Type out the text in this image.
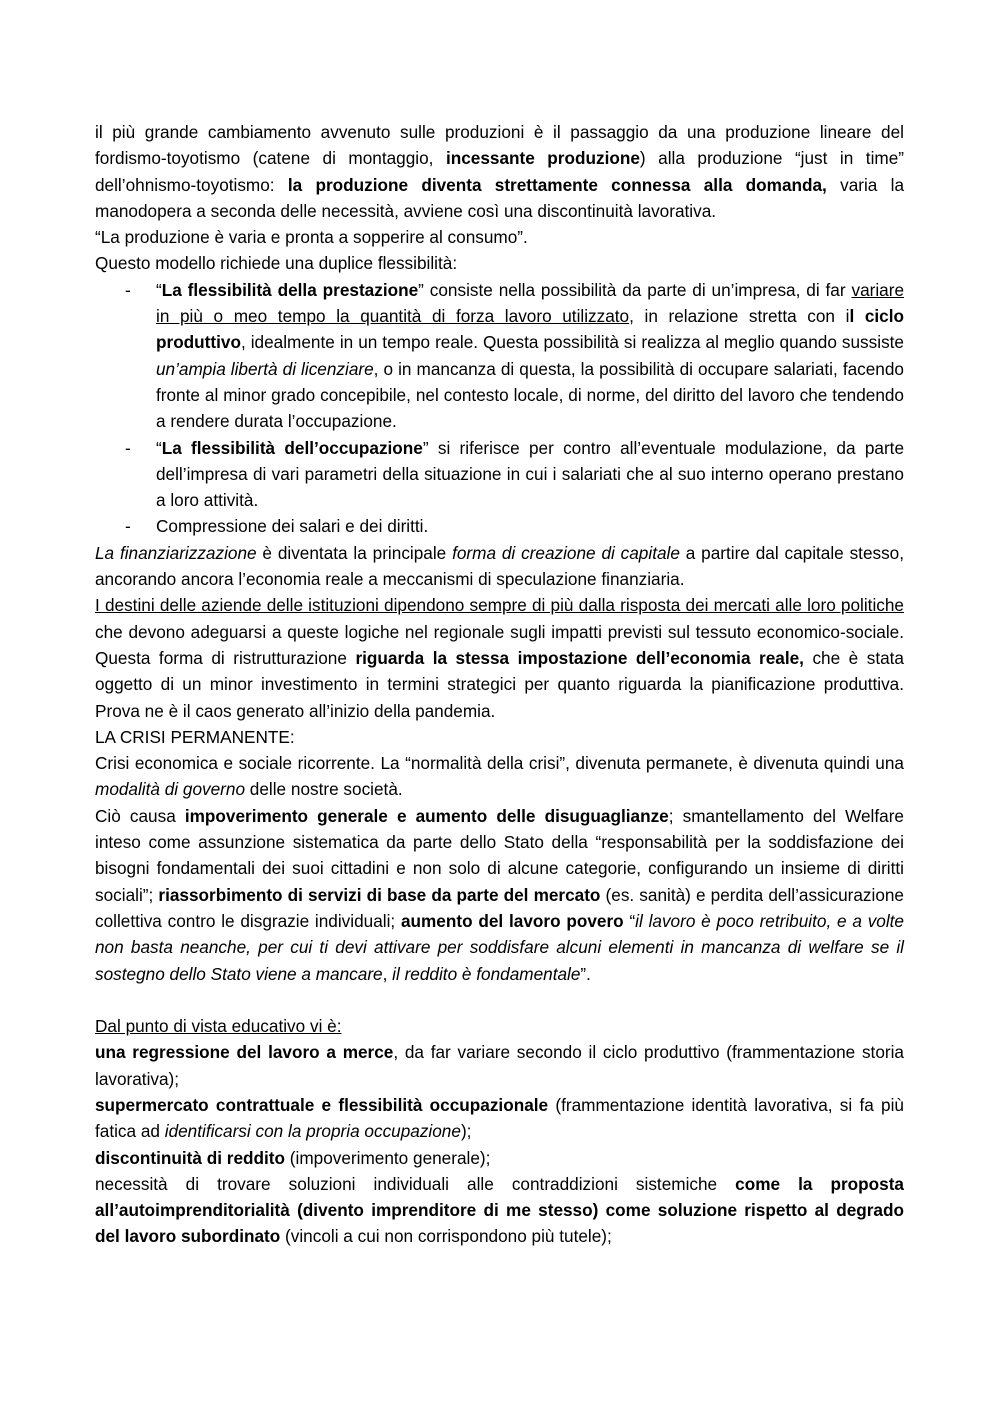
il più grande cambiamento avvenuto sulle produzioni è il passaggio da una produzione lineare del fordismo-toyotismo (catene di montaggio, incessante produzione) alla produzione “just in time” dell’ohnismo-toyotismo: la produzione diventa strettamente connessa alla domanda, varia la manodopera a seconda delle necessità, avviene così una discontinuità lavorativa.

“La produzione è varia e pronta a sopperire al consumo”.

Questo modello richiede una duplice flessibilità:

- “La flessibilità della prestazione” consiste nella possibilità da parte di un’impresa, di far variare in più o meo tempo la quantità di forza lavoro utilizzato, in relazione stretta con il ciclo produttivo, idealmente in un tempo reale. Questa possibilità si realizza al meglio quando sussiste un’ampia libertà di licenziare, o in mancanza di questa, la possibilità di occupare salariati, facendo fronte al minor grado concepibile, nel contesto locale, di norme, del diritto del lavoro che tendendo a rendere durata l’occupazione.
- “La flessibilità dell’occupazione” si riferisce per contro all’eventuale modulazione, da parte dell’impresa di vari parametri della situazione in cui i salariati che al suo interno operano prestano a loro attività.
- Compressione dei salari e dei diritti.

La finanziarizzazione è diventata la principale forma di creazione di capitale a partire dal capitale stesso, ancorando ancora l’economia reale a meccanismi di speculazione finanziaria.

I destini delle aziende delle istituzioni dipendono sempre di più dalla risposta dei mercati alle loro politiche che devono adeguarsi a queste logiche nel regionale sugli impatti previsti sul tessuto economico-sociale. Questa forma di ristrutturazione riguarda la stessa impostazione dell’economia reale, che è stata oggetto di un minor investimento in termini strategici per quanto riguarda la pianificazione produttiva. Prova ne è il caos generato all’inizio della pandemia.

LA CRISI PERMANENTE:

Crisi economica e sociale ricorrente. La “normalità della crisi”, divenuta permanete, è divenuta quindi una modalità di governo delle nostre società.

Ciò causa impoverimento generale e aumento delle disuguaglianze; smantellamento del Welfare inteso come assunzione sistematica da parte dello Stato della “responsabilità per la soddisfazione dei bisogni fondamentali dei suoi cittadini e non solo di alcune categorie, configurando un insieme di diritti sociali”; riassorbimento di servizi di base da parte del mercato (es. sanità) e perdita dell’assicurazione collettiva contro le disgrazie individuali; aumento del lavoro povero “il lavoro è poco retribuito, e a volte non basta neanche, per cui ti devi attivare per soddisfare alcuni elementi in mancanza di welfare se il sostegno dello Stato viene a mancare, il reddito è fondamentale”.

Dal punto di vista educativo vi è:

una regressione del lavoro a merce, da far variare secondo il ciclo produttivo (frammentazione storia lavorativa);

supermercato contrattuale e flessibilità occupazionale (frammentazione identità lavorativa, si fa più fatica ad identificarsi con la propria occupazione);

discontinuità di reddito (impoverimento generale);

necessità di trovare soluzioni individuali alle contraddizioni sistemiche come la proposta all’autoimprenditorialità (divento imprenditore di me stesso) come soluzione rispetto al degrado del lavoro subordinato (vincoli a cui non corrispondono più tutele);
